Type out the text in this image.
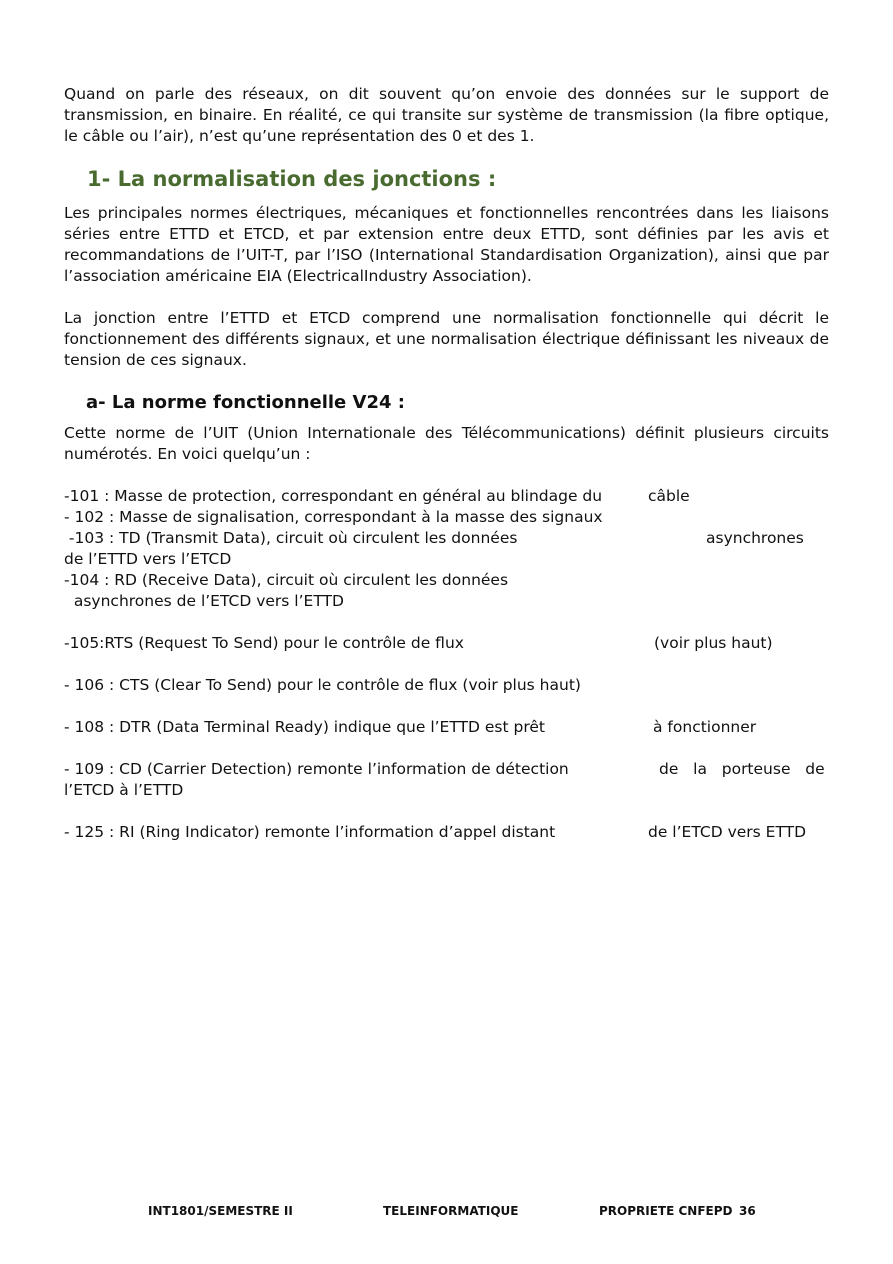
Quand on parle des réseaux, on dit souvent qu’on envoie des données sur le support de transmission, en binaire. En réalité, ce qui transite sur système de transmission (la fibre optique, le câble ou l’air), n’est qu’une représentation des 0 et des 1.

1- La normalisation des jonctions :

Les principales normes électriques, mécaniques et fonctionnelles rencontrées dans les liaisons séries entre ETTD et ETCD, et par extension entre deux ETTD, sont définies par les avis et recommandations de l’UIT-T, par l’ISO (International Standardisation Organization), ainsi que par l’association américaine EIA (ElectricalIndustry Association).

La jonction entre l’ETTD et ETCD comprend une normalisation fonctionnelle qui décrit le fonctionnement des différents signaux, et une normalisation électrique définissant les niveaux de tension de ces signaux.

a- La norme fonctionnelle V24 :

Cette norme de l’UIT (Union Internationale des Télécommunications) définit plusieurs circuits numérotés. En voici quelqu’un :

-101 : Masse de protection, correspondant en général au blindage du	câble
- 102 : Masse de signalisation, correspondant à la masse des signaux
-103 : TD (Transmit Data), circuit où circulent les données	asynchrones
de l’ETTD vers l’ETCD
-104 : RD (Receive Data), circuit où circulent les données
asynchrones de l’ETCD vers l’ETTD
-105:RTS (Request To Send) pour le contrôle de flux	(voir plus haut)
- 106 : CTS (Clear To Send) pour le contrôle de flux (voir plus haut)
- 108 : DTR (Data Terminal Ready) indique que l’ETTD est prêt	à fonctionner
- 109 : CD (Carrier Detection) remonte l’information de détection	de   la   porteuse   de
l’ETCD à l’ETTD
- 125 : RI (Ring Indicator) remonte l’information d’appel distant	de l’ETCD vers ETTD
INT1801/SEMESTRE II	TELEINFORMATIQUE	PROPRIETE CNFEPD 36
